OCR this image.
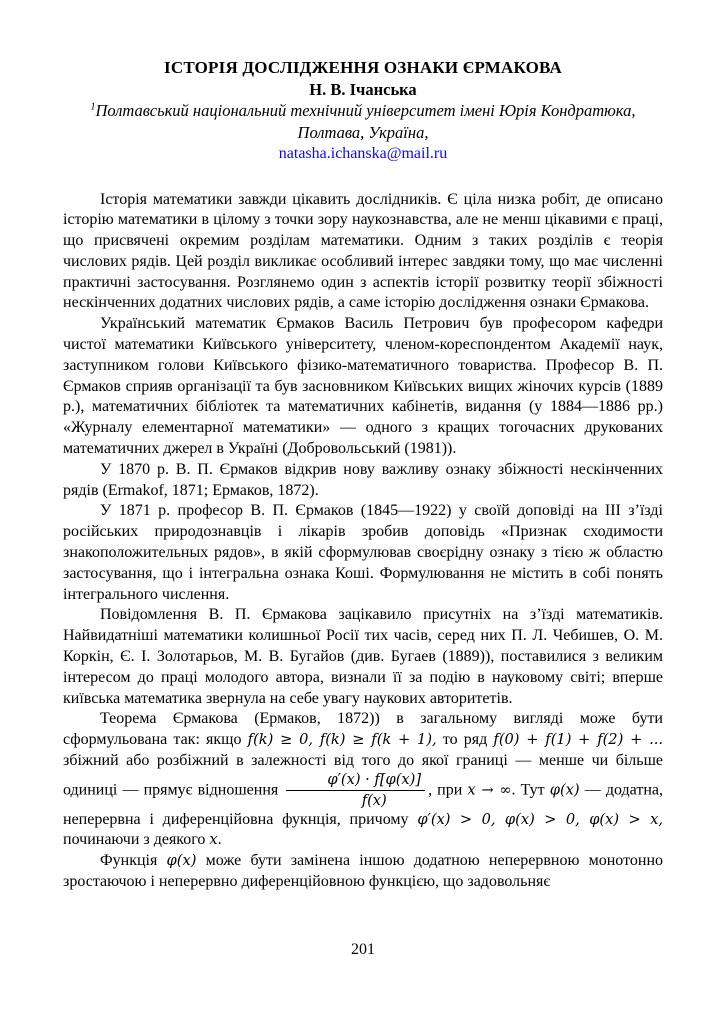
ІСТОРІЯ ДОСЛІДЖЕННЯ ОЗНАКИ ЄРМАКОВА
Н. В. Ічанська
$^1$Полтавський національний технічний університет імені Юрія Кондратюка,
Полтава, Україна,
natasha.ichanska@mail.ru

Історія математики завжди цікавить дослідників. Є ціла низка робіт, де описано історію математики в цілому з точки зору наукознавства, але не менш цікавими є праці, що присвячені окремим розділам математики. Одним з таких розділів є теорія числових рядів. Цей розділ викликає особливий інтерес завдяки тому, що має численні практичні застосування. Розглянемо один з аспектів історії розвитку теорії збіжності нескінченних додатних числових рядів, а саме історію дослідження ознаки Єрмакова.

Український математик Єрмаков Василь Петрович був професором кафедри чистої математики Київського університету, членом-кореспондентом Академії наук, заступником голови Київського фізико-математичного товариства. Професор В. П. Єрмаков сприяв організації та був засновником Київських вищих жіночих курсів (1889 р.), математичних бібліотек та математичних кабінетів, видання (у 1884—1886 рр.) «Журналу елементарної математики» — одного з кращих тогочасних друкованих математичних джерел в Україні (Добровольський (1981)).

У 1870 р. В. П. Єрмаков відкрив нову важливу ознаку збіжності нескінченних рядів (Ermakof, 1871; Ермаков, 1872).

У 1871 р. професор В. П. Єрмаков (1845—1922) у своїй доповіді на ІІІ з’їзді російських природознавців і лікарів зробив доповідь «Признак сходимости знакоположительных рядов», в якій сформулював своєрідну ознаку з тією ж областю застосування, що і інтегральна ознака Коші. Формулювання не містить в собі понять інтегрального числення.

Повідомлення В. П. Єрмакова зацікавило присутніх на з’їзді математиків. Найвидатніші математики колишньої Росії тих часів, серед них П. Л. Чебишев, О. М. Коркін, Є. І. Золотарьов, М. В. Бугайов (див. Бугаев (1889)), поставилися з великим інтересом до праці молодого автора, визнали її за подію в науковому світі; вперше київська математика звернула на себе увагу наукових авторитетів.

Теорема Єрмакова (Ермаков, 1872)) в загальному вигляді може бути сформульована так: якщо f(k) ≥ 0, f(k) ≥ f(k + 1), то ряд f(0) + f(1) + f(2) + ... збіжний або розбіжний в залежності від того до якої границі — менше чи більше одиниці — прямує відношення $\frac{\varphi'(x) \cdot f[\varphi(x)]}{f(x)}$ , при x → ∞. Тут φ(x) — додатна, неперервна і диференційовна фукнція, причому φ′(x) > 0, φ(x) > 0, φ(x) > x, починаючи з деякого x.

Функція φ(x) може бути замінена іншою додатною неперервною монотонно зростаючою і неперервно диференційовною функцією, що задовольняє

201
